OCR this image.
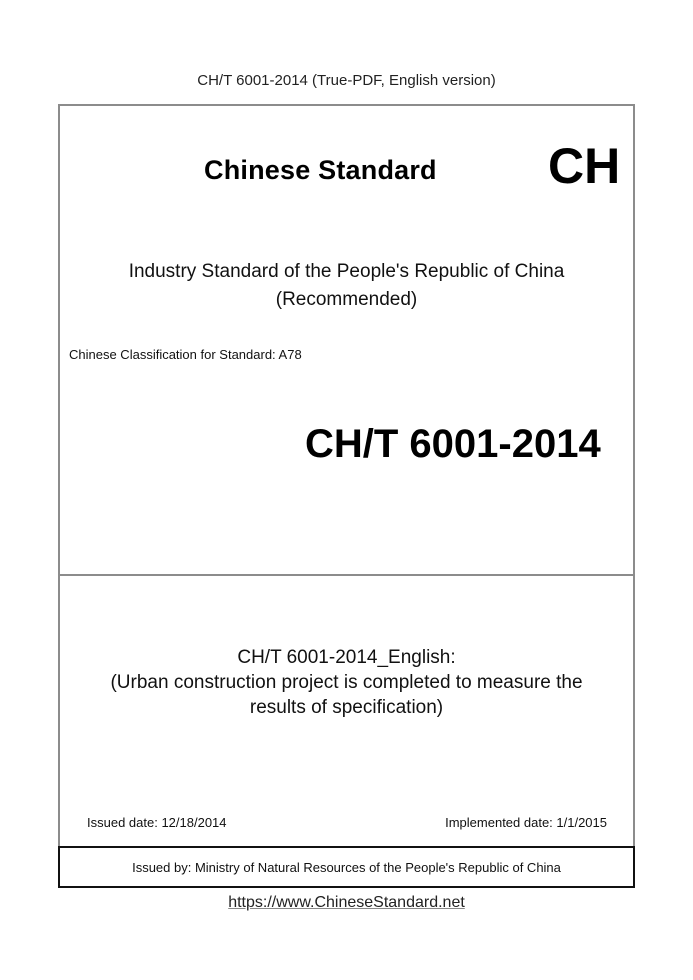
CH/T 6001-2014 (True-PDF, English version)
Chinese Standard CH
Industry Standard of the People's Republic of China
(Recommended)
Chinese Classification for Standard: A78
CH/T 6001-2014
CH/T 6001-2014_English:
(Urban construction project is completed to measure the
results of specification)
Issued date: 12/18/2014	Implemented date: 1/1/2015
Issued by: Ministry of Natural Resources of the People's Republic of China
https://www.ChineseStandard.net
